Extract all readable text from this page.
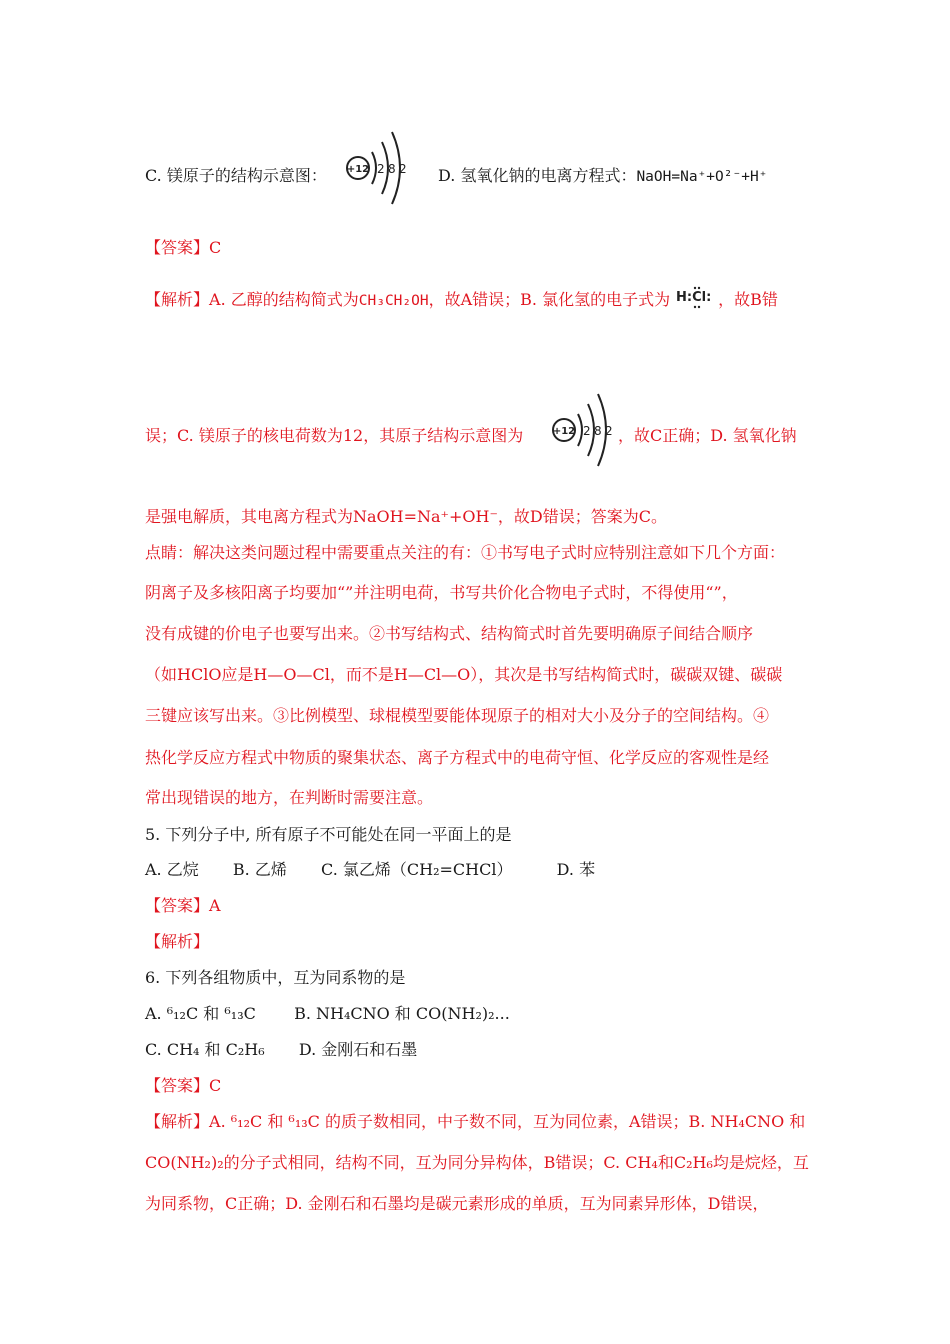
C. 镁原子的结构示意图： +12 2 8 2 D. 氢氧化钠的电离方程式：NaOH=Na⁺+O²⁻+H⁺
【答案】C
【解析】A. 乙醇的结构简式为CH₃CH₂OH，故A错误；B. 氯化氢的电子式为 H:Cl: ，故B错
误；C. 镁原子的核电荷数为12，其原子结构示意图为	+12 2 8 2 ，故C正确；D. 氢氧化钠
是强电解质，其电离方程式为NaOH=Na⁺+OH⁻，故D错误；答案为C。
点睛：解决这类问题过程中需要重点关注的有：①书写电子式时应特别注意如下几个方面：
阴离子及多核阳离子均要加“”并注明电荷，书写共价化合物电子式时，不得使用“”，
没有成键的价电子也要写出来。②书写结构式、结构简式时首先要明确原子间结合顺序
（如HClO应是H—O—Cl，而不是H—Cl—O），其次是书写结构简式时，碳碳双键、碳碳
三键应该写出来。③比例模型、球棍模型要能体现原子的相对大小及分子的空间结构。④
热化学反应方程式中物质的聚集状态、离子方程式中的电荷守恒、化学反应的客观性是经
常出现错误的地方，在判断时需要注意。
5. 下列分子中, 所有原子不可能处在同一平面上的是
A. 乙烷 B. 乙烯 C. 氯乙烯（CH₂=CHCl）	D. 苯
【答案】A
【解析】
6. 下列各组物质中，互为同系物的是
A. ⁶₁₂C 和 ⁶₁₃C B. NH₄CNO 和 CO(NH₂)₂...
C. CH₄ 和 C₂H₆ D. 金刚石和石墨
【答案】C
【解析】A. ⁶₁₂C 和 ⁶₁₃C 的质子数相同，中子数不同，互为同位素，A错误；B. NH₄CNO 和
CO(NH₂)₂的分子式相同，结构不同，互为同分异构体，B错误；C. CH₄和C₂H₆均是烷烃，互
为同系物，C正确；D. 金刚石和石墨均是碳元素形成的单质，互为同素异形体，D错误，
